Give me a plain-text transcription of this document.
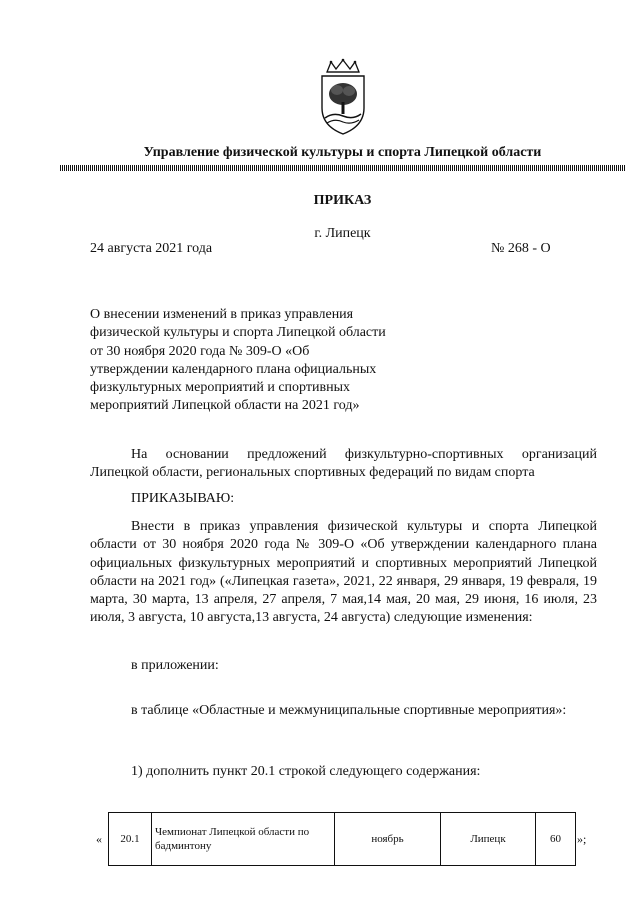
Управление физической культуры и спорта Липецкой области
ПРИКАЗ
г. Липецк
24 августа 2021 года	№ 268 - О
О внесении изменений в приказ управления физической культуры и спорта Липецкой области от 30 ноября 2020 года № 309-О «Об утверждении календарного плана официальных физкультурных мероприятий и спортивных мероприятий Липецкой области на 2021 год»
На основании предложений физкультурно-спортивных организаций Липецкой области, региональных спортивных федераций по видам спорта
ПРИКАЗЫВАЮ:
Внести в приказ управления физической культуры и спорта Липецкой области от 30 ноября 2020 года № 309-О «Об утверждении календарного плана официальных физкультурных мероприятий и спортивных мероприятий Липецкой области на 2021 год» («Липецкая газета», 2021, 22 января, 29 января, 19 февраля, 19 марта, 30 марта, 13 апреля, 27 апреля, 7 мая,14 мая, 20 мая, 29 июня, 16 июля, 23 июля, 3 августа, 10 августа,13 августа, 24 августа) следующие изменения:
в приложении:
в таблице «Областные и межмуниципальные спортивные мероприятия»:
1) дополнить пункт 20.1 строкой следующего содержания:
« 20.1	Чемпионат Липецкой области по бадминтону	ноябрь	Липецк	60 »;
